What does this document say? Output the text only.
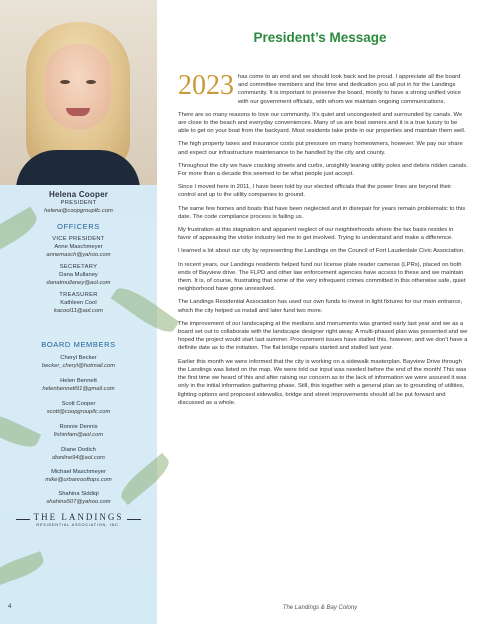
Helena Cooper
PRESIDENT
helena@coopgroupllc.com
OFFICERS
VICE PRESIDENT
Anne Maschmeyer
annemasch@yahoo.com
SECRETARY
Dana Mullaney
danatmullaney@aol.com
TREASURER
Kathleen Cool
kacool11@aol.com
BOARD MEMBERS
Cheryl Becker
becker_cheryl@hotmail.com
Helen Bennett
helenbennett91@gmail.com
Scott Cooper
scott@coopgroupllc.com
Ronnie Dennis
fishinfam@aol.com
Diane Dodich
dionline94@aol.com
Michael Maschmeyer
mike@urbanrooftops.com
Shahina Siddiqi
shahina507@yahoo.com
THE LANDINGS
RESIDENTIAL ASSOCIATION, INC.
4	The Landings & Bay Colony
President’s Message

2023 has come to an end and we should look back and be proud. I appreciate all the board and committee members and the time and dedication you all put in for the Landings community. It is important to preserve the board, mostly to have a strong unified voice with our government officials, with whom we maintain ongoing communications.

There are so many reasons to love our community. It’s quiet and uncongested and surrounded by canals. We are close to the beach and everyday conveniences. Many of us are boat owners and it is a true luxury to be able to get on your boat from the backyard. Most residents take pride in our properties and maintain them well.

The high property taxes and insurance costs put pressure on many homeowners, however. We pay our share and expect our infrastructure maintenance to be handled by the city and county.

Throughout the city we have cracking streets and curbs, unsightly leaning utility poles and debris ridden canals. For more than a decade this seemed to be what people just accept.

Since I moved here in 2011, I have been told by our elected officials that the power lines are beyond their control and up to the utility companies to ground.

The same few homes and boats that have been neglected and in disrepair for years remain problematic to this date. The code compliance process is failing us.

My frustration at this stagnation and apparent neglect of our neighborhoods where the tax basis resides in favor of appeasing the visitor industry led me to get involved. Trying to understand and make a difference.

I learned a lot about our city by representing the Landings on the Council of Fort Lauderdale Civic Association.

In recent years, our Landings residents helped fund our license plate reader cameras (LPRs), placed on both ends of Bayview drive. The FLPD and other law enforcement agencies have access to these and we maintain them. It is, of course, frustrating that some of the very infrequent crimes committed in this otherwise safe, quiet neighborhood have gone unresolved.

The Landings Residential Association has used our own funds to invest in light fixtures for our main entrance, which the city helped us install and later fund two more.

The improvement of our landscaping at the medians and monuments was granted early last year and we as a board set out to collaborate with the landscape designer right away. A multi-phased plan was presented and we hoped the project would start last summer. Procurement issues have stalled this, however, and we don’t have a definite date as to the initiation. The flat bridge repairs started and stalled last year.

Earlier this month we were informed that the city is working on a sidewalk masterplan. Bayview Drive through the Landings was listed on the map. We were told our input was needed before the end of the month! This was the first time we heard of this and after raising our concern as to the lack of information we were assured it was only in the initial information gathering phase. Still, this together with a general plan as to grounding of utilities, lighting options and proposed sidewalks, bridge and street improvements should all be put forward and discussed as a whole.
